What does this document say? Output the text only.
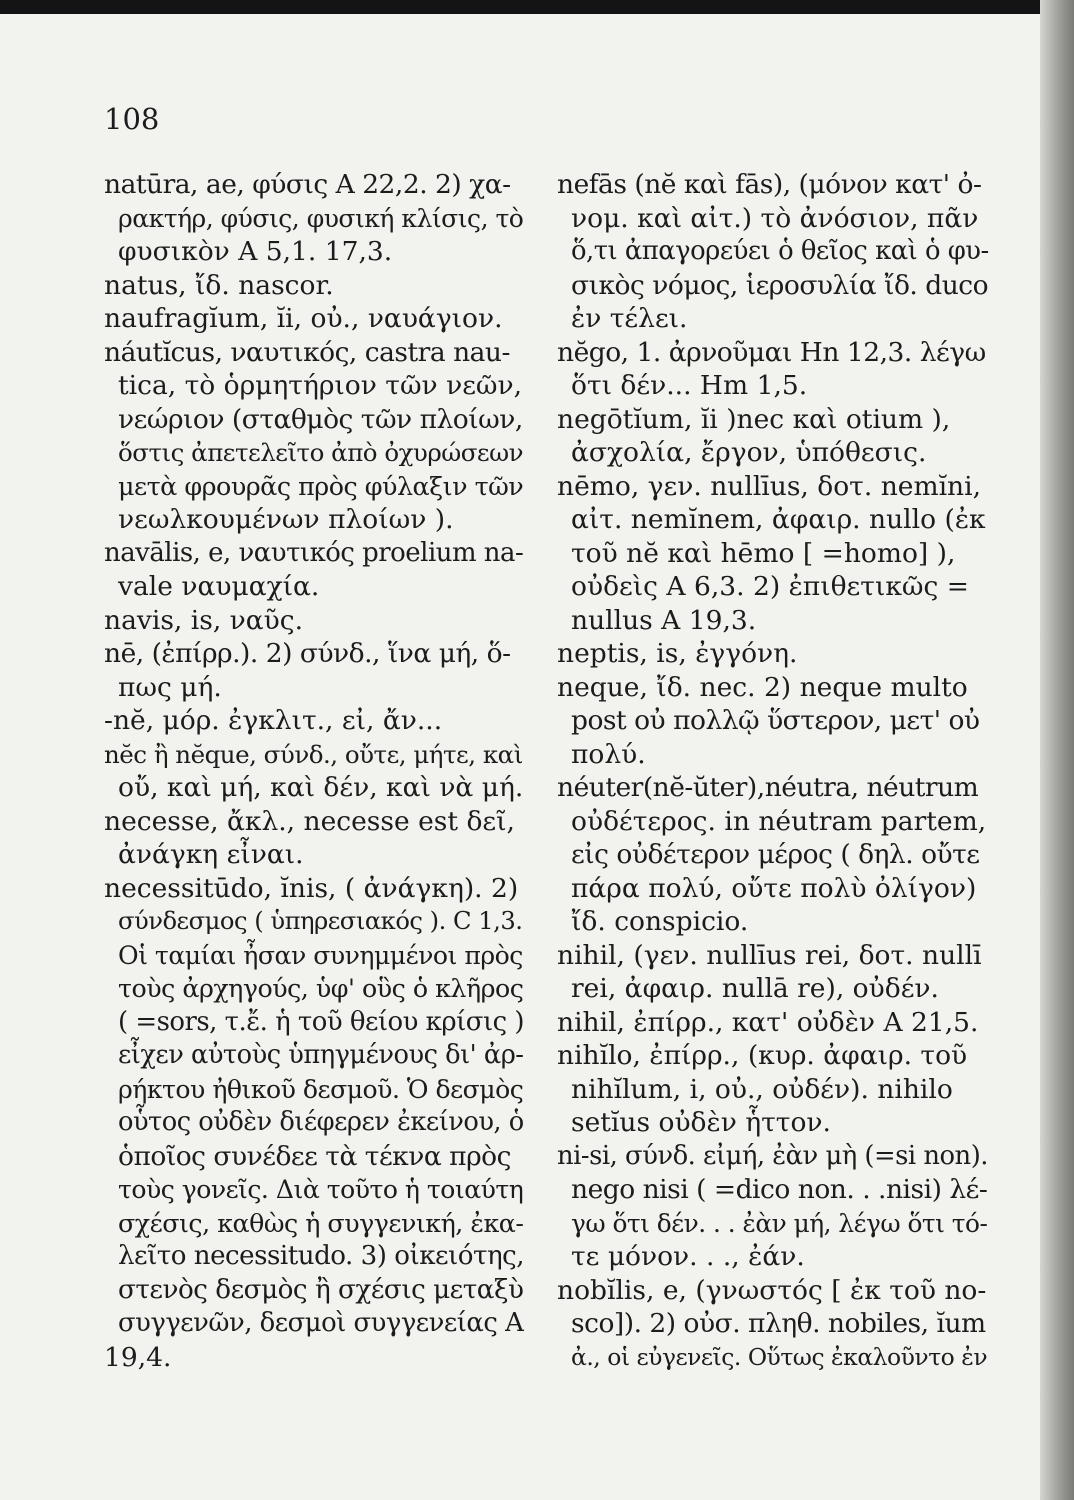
108
natūra, ae, φύσις A 22,2. 2) χα-
ρακτήρ, φύσις, φυσική κλίσις, τὸ
φυσικὸν A 5,1. 17,3.
natus, ἴδ. nascor.
naufragĭum, ĭi, οὐ., ναυάγιον.
náutĭcus, ναυτικός, castra nau-
tica, τὸ ὁρμητήριον τῶν νεῶν,
νεώριον (σταθμὸς τῶν πλοίων,
ὅστις ἀπετελεῖτο ἀπὸ ὀχυρώσεων
μετὰ φρουρᾶς πρὸς φύλαξιν τῶν
νεωλκουμένων πλοίων ).
navālis, e, ναυτικός proelium na-
vale ναυμαχία.
navis, is, ναῦς.
nē, (ἐπίρρ.). 2) σύνδ., ἵνα μή, ὅ-
πως μή.
-nĕ, μόρ. ἐγκλιτ., εἰ, ἄν...
nĕc ἢ nĕque, σύνδ., οὔτε, μήτε, καὶ
οὔ, καὶ μή, καὶ δέν, καὶ νὰ μή.
necesse, ἄκλ., necesse est δεῖ,
ἀνάγκη εἶναι.
necessitūdo, ĭnis, ( ἀνάγκη). 2)
σύνδεσμος ( ὑπηρεσιακός ). C 1,3.
Οἱ ταμίαι ἦσαν συνημμένοι πρὸς
τοὺς ἀρχηγούς, ὑφ' οὓς ὁ κλῆρος
( =sors, τ.ἔ. ἡ τοῦ θείου κρίσις )
εἶχεν αὐτοὺς ὑπηγμένους δι' ἀρ-
ρήκτου ἠθικοῦ δεσμοῦ. Ὁ δεσμὸς
οὗτος οὐδὲν διέφερεν ἐκείνου, ὁ
ὁποῖος συνέδεε τὰ τέκνα πρὸς
τοὺς γονεῖς. Διὰ τοῦτο ἡ τοιαύτη
σχέσις, καθὼς ἡ συγγενική, ἐκα-
λεῖτο necessitudo. 3) οἰκειότης,
στενὸς δεσμὸς ἢ σχέσις μεταξὺ
συγγενῶν, δεσμοὶ συγγενείας A
19,4.
nefās (nĕ καὶ fās), (μόνον κατ' ὀ-
νομ. καὶ αἰτ.) τὸ ἀνόσιον, πᾶν
ὅ,τι ἀπαγορεύει ὁ θεῖος καὶ ὁ φυ-
σικὸς νόμος, ἱεροσυλία ἴδ. duco
ἐν τέλει.
nĕgo, 1. ἀρνοῦμαι Hn 12,3. λέγω
ὅτι δέν... Hm 1,5.
negōtĭum, ĭi )nec καὶ otium ),
ἀσχολία, ἔργον, ὑπόθεσις.
nēmo, γεν. nullīus, δοτ. nemĭni,
αἰτ. nemĭnem, ἀφαιρ. nullo (ἐκ
τοῦ nĕ καὶ hēmo [ =homo] ),
οὐδεὶς A 6,3. 2) ἐπιθετικῶς =
nullus A 19,3.
neptis, is, ἐγγόνη.
neque, ἴδ. nec. 2) neque multo
post οὐ πολλῷ ὕστερον, μετ' οὐ
πολύ.
néuter(nĕ-ŭter),néutra, néutrum
οὐδέτερος. in néutram partem,
εἰς οὐδέτερον μέρος ( δηλ. οὔτε
πάρα πολύ, οὔτε πολὺ ὀλίγον)
ἴδ. conspicio.
nihil, (γεν. nullīus rei, δοτ. nullī
rei, ἀφαιρ. nullā re), οὐδέν.
nihil, ἐπίρρ., κατ' οὐδὲν A 21,5.
nihĭlo, ἐπίρρ., (κυρ. ἀφαιρ. τοῦ
nihĭlum, i, οὐ., οὐδέν). nihilo
setĭus οὐδὲν ἧττον.
ni-si, σύνδ. εἰμή, ἐὰν μὴ (=si non).
nego nisi ( =dico non. . .nisi) λέ-
γω ὅτι δέν. . . ἐὰν μή, λέγω ὅτι τό-
τε μόνον. . ., ἐάν.
nobĭlis, e, (γνωστός [ ἐκ τοῦ no-
sco]). 2) οὐσ. πληθ. nobiles, ĭum
ἀ., οἱ εὐγενεῖς. Οὕτως ἐκαλοῦντο ἐν
